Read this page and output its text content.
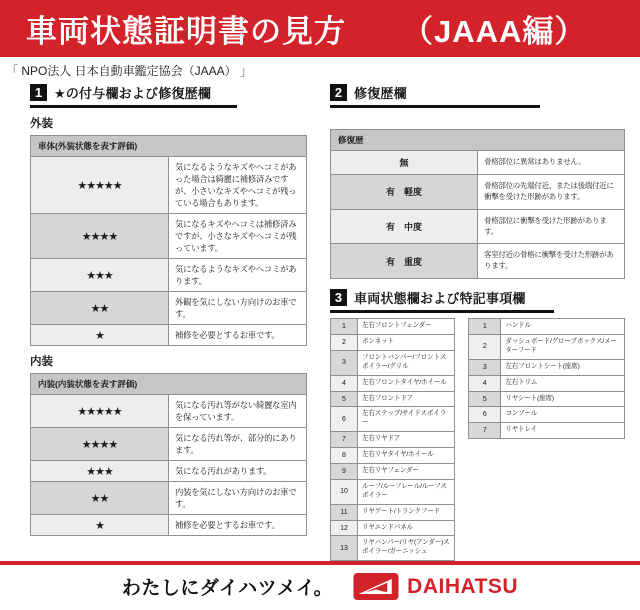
車両状態証明書の見方 （JAAA編）
「 NPO法人 日本自動車鑑定協会（JAAA） 」
1 ★の付与欄および修復歴欄
外装
車体(外装状態を表す評価)	
★★★★★	気になるようなキズやヘコミがあった場合は綺麗に補修済みですが、小さいなキズやヘコミが残っている場合もあります。
★★★★	気になるキズやヘコミは補修済みですが、小さなキズやヘコミが残っています。
★★★	気になるようなキズやヘコミがあります。
★★	外観を気にしない方向けのお車です。
★	補修を必要とするお車です。
内装
内装(内装状態を表す評価)	
★★★★★	気になる汚れ等がない綺麗な室内を保っています。
★★★★	気になる汚れ等が、部分的にあります。
★★★	気になる汚れがあります。
★★	内装を気にしない方向けのお車です。
★	補修を必要とするお車です。
2 修復歴欄
修復歴	
無	骨格部位に異常はありません。
有　軽度	骨格部位の先端付近、または後端付近に衝撃を受けた形跡があります。
有　中度	骨格部位に衝撃を受けた形跡があります。
有　重度	客室付近の骨格に衝撃を受けた形跡があります。
3 車両状態欄および特記事項欄
1	左右フロントフェンダー
2	ボンネット
3	フロントバンパー/フロントスポイラー/グリル
4	左右フロントタイヤ/ホイール
5	左右フロントドア
6	左右ステップ/サイドスポイラー
7	左右リヤドア
8	左右リヤタイヤ/ホイール
9	左右リヤフェンダー
10	ルーフ/ルーフレール/ルーフスポイラー
11	リヤゲート/トランクフード
12	リヤエンドパネル
13	リヤバンパー/リヤ(アンダー)スポイラー/ガーニッシュ
1	ハンドル
2	ダッシュボード/グローブボックス/メーターフード
3	左右フロントシート(座席)
4	左右トリム
5	リヤシート(座席)
6	コンソール
7	リヤトレイ
わたしにダイハツメイ。	DAIHATSU
